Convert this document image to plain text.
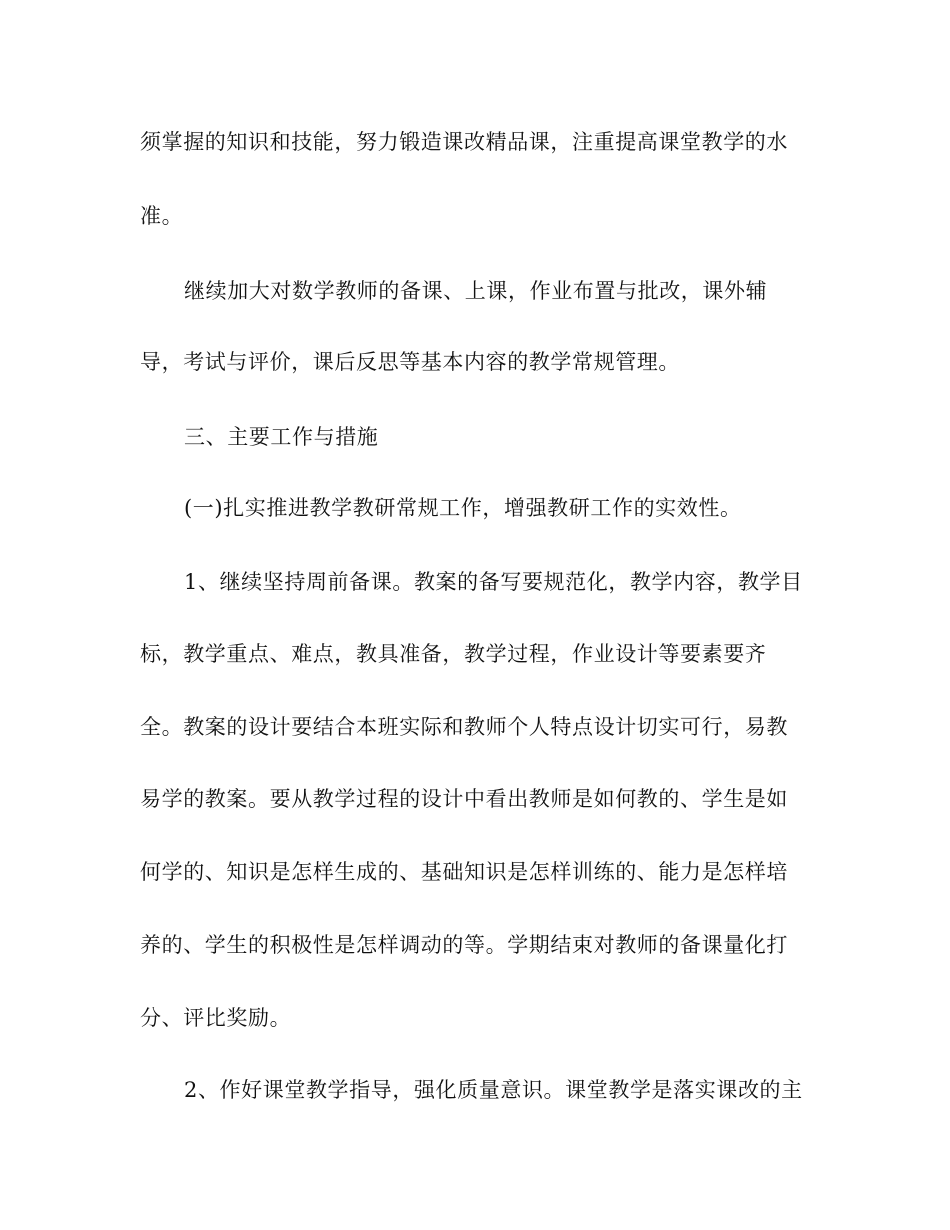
须掌握的知识和技能，努力锻造课改精品课，注重提高课堂教学的水
准。
继续加大对数学教师的备课、上课，作业布置与批改，课外辅
导，考试与评价，课后反思等基本内容的教学常规管理。
三、主要工作与措施
(一)扎实推进教学教研常规工作，增强教研工作的实效性。
1、继续坚持周前备课。教案的备写要规范化，教学内容，教学目
标，教学重点、难点，教具准备，教学过程，作业设计等要素要齐
全。教案的设计要结合本班实际和教师个人特点设计切实可行，易教
易学的教案。要从教学过程的设计中看出教师是如何教的、学生是如
何学的、知识是怎样生成的、基础知识是怎样训练的、能力是怎样培
养的、学生的积极性是怎样调动的等。学期结束对教师的备课量化打
分、评比奖励。
2、作好课堂教学指导，强化质量意识。课堂教学是落实课改的主
